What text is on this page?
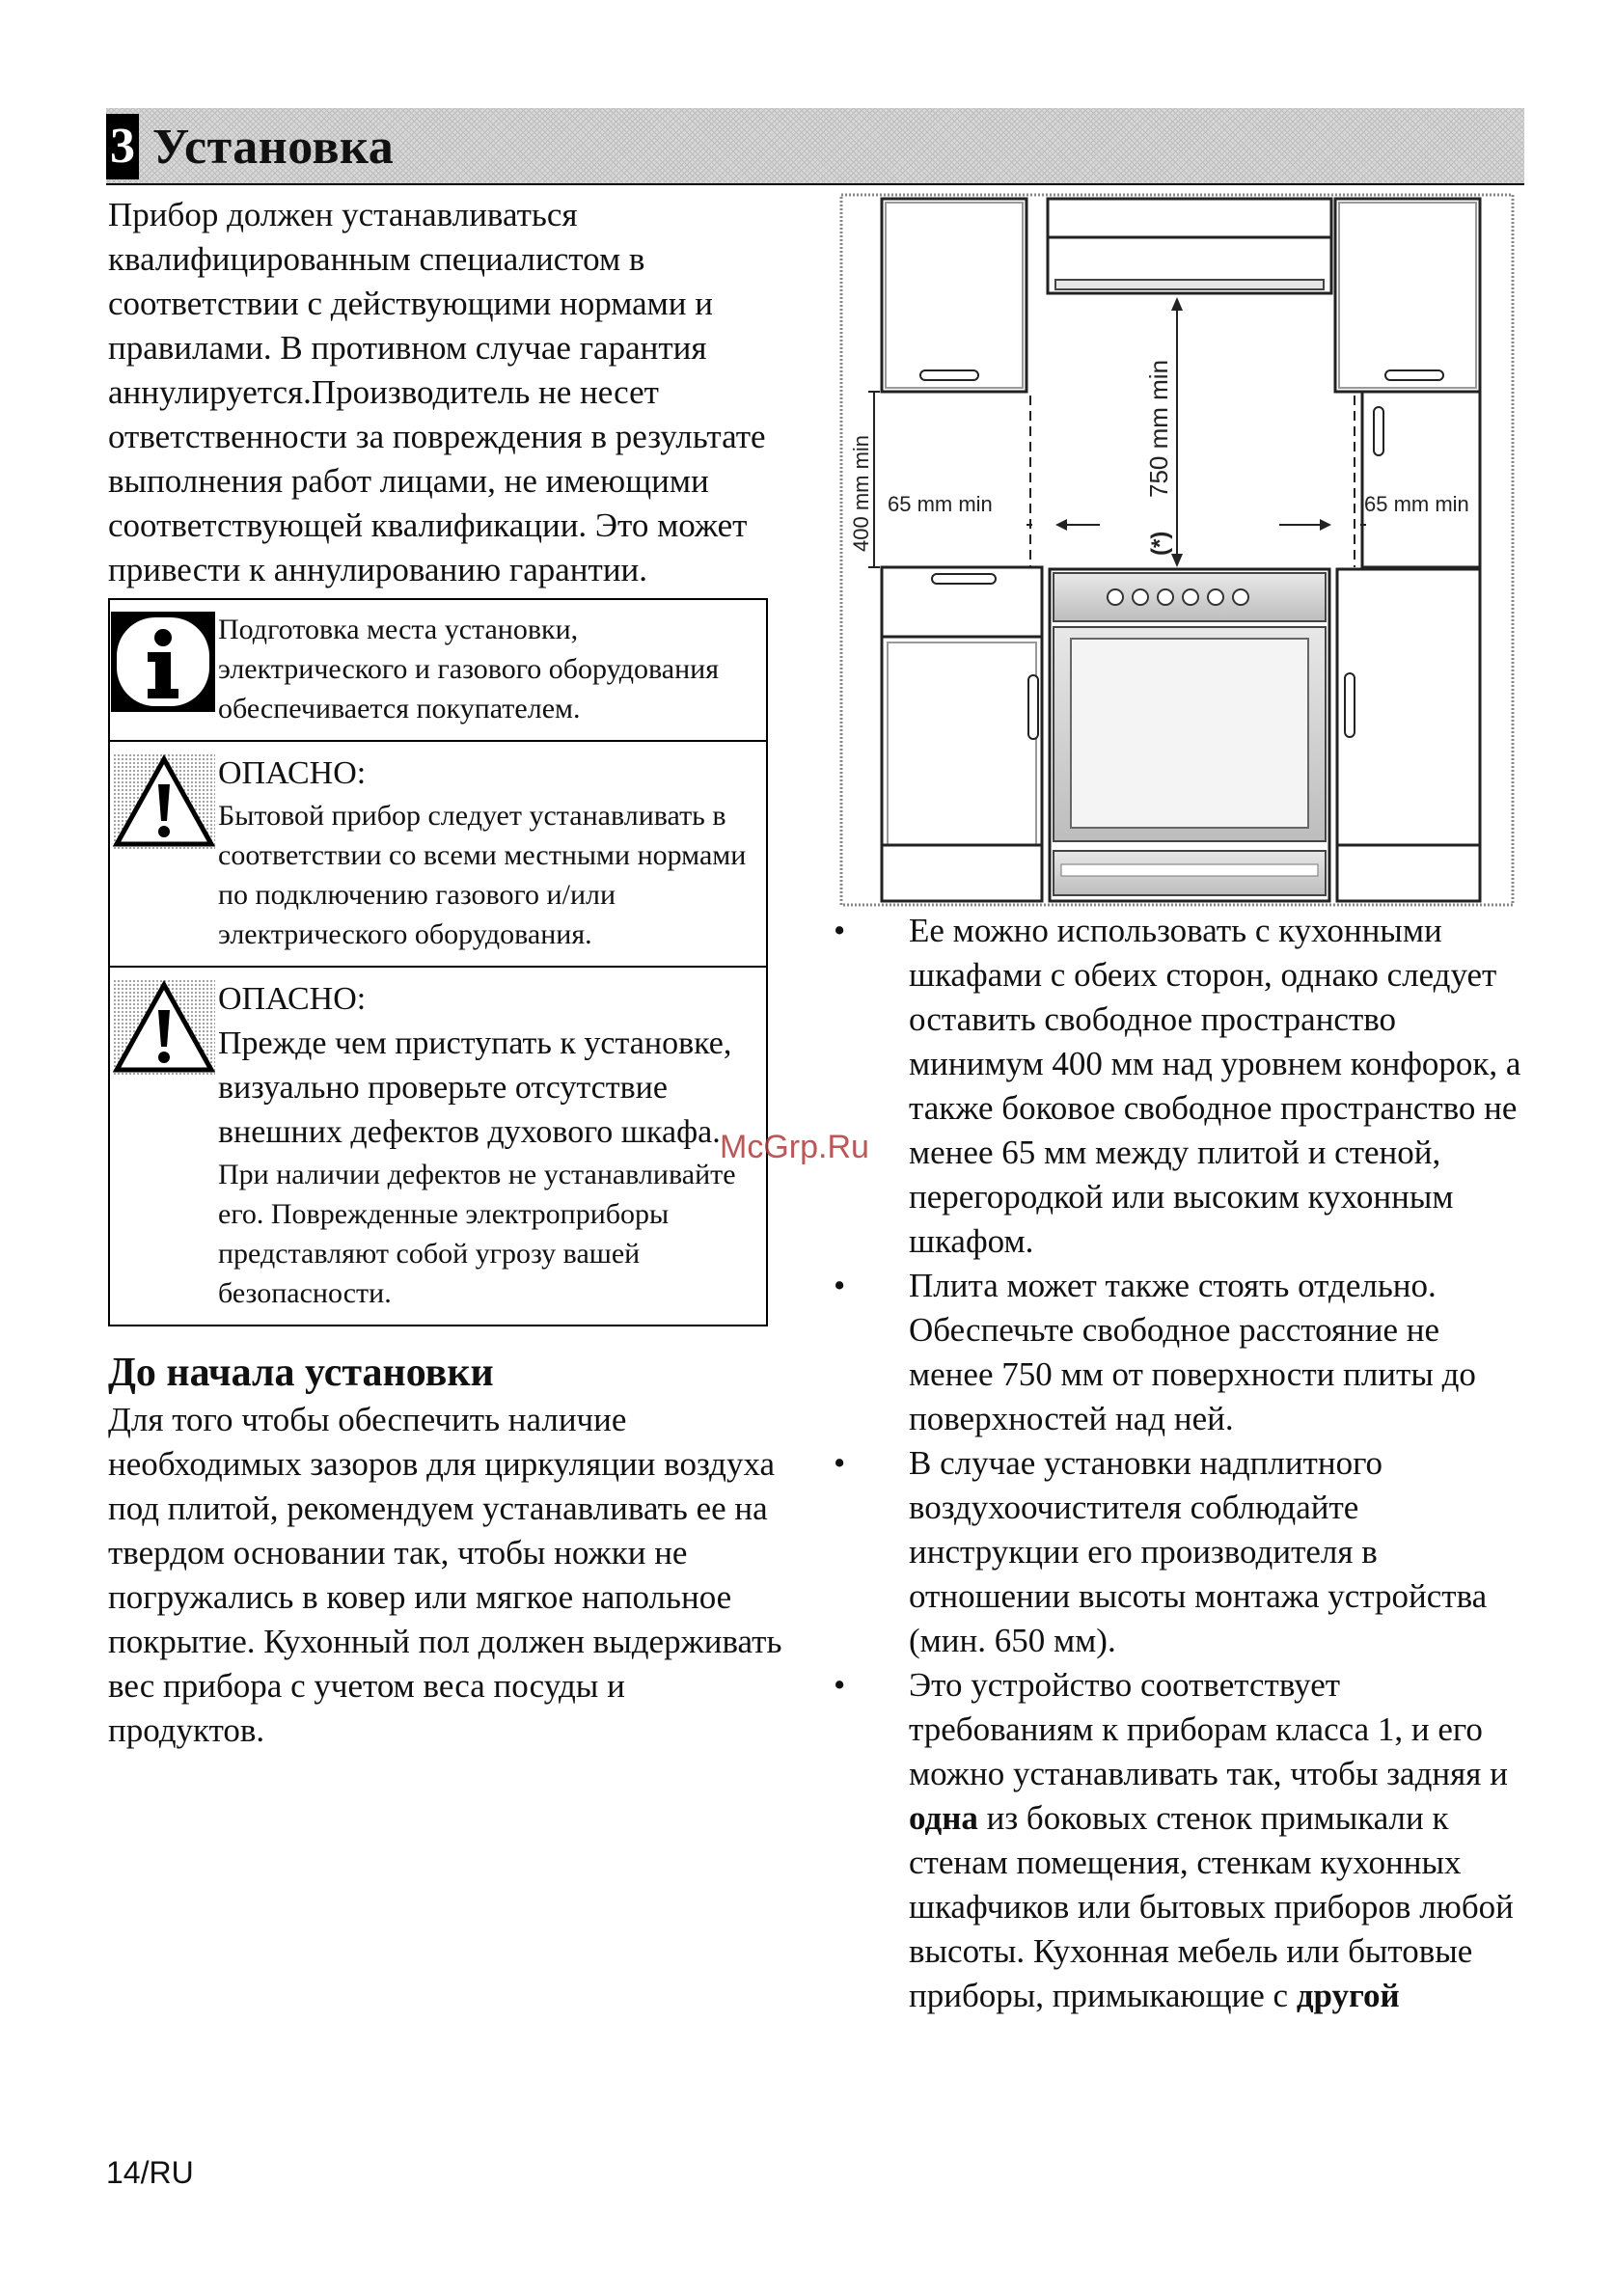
3 Установка

Прибор должен устанавливаться квалифицированным специалистом в соответствии с действующими нормами и правилами. В противном случае гарантия аннулируется.Производитель не несет ответственности за повреждения в результате выполнения работ лицами, не имеющими соответствующей квалификации. Это может привести к аннулированию гарантии.

Подготовка места установки, электрического и газового оборудования обеспечивается покупателем.
ОПАСНО:
Бытовой прибор следует устанавливать в соответствии со всеми местными нормами по подключению газового и/или электрического оборудования.
ОПАСНО:
Прежде чем приступать к установке, визуально проверьте отсутствие внешних дефектов духового шкафа.
При наличии дефектов не устанавливайте его. Поврежденные электроприборы представляют собой угрозу вашей безопасности.
До начала установки

Для того чтобы обеспечить наличие необходимых зазоров для циркуляции воздуха под плитой, рекомендуем устанавливать ее на твердом основании так, чтобы ножки не погружались в ковер или мягкое напольное покрытие. Кухонный пол должен выдерживать вес прибора с учетом веса посуды и продуктов.

400 mm min 65 mm min
750 mm min
(*)
65 mm min
• Ее можно использовать с кухонными шкафами с обеих сторон, однако следует оставить свободное пространство минимум 400 мм над уровнем конфорок, а также боковое свободное пространство не менее 65 мм между плитой и стеной, перегородкой или высоким кухонным шкафом.
• Плита может также стоять отдельно. Обеспечьте свободное расстояние не менее 750 мм от поверхности плиты до поверхностей над ней.
• В случае установки надплитного воздухоочистителя соблюдайте инструкции его производителя в отношении высоты монтажа устройства (мин. 650 мм).
• Это устройство соответствует требованиям к приборам класса 1, и его можно устанавливать так, чтобы задняя и одна из боковых стенок примыкали к стенам помещения, стенкам кухонных шкафчиков или бытовых приборов любой высоты. Кухонная мебель или бытовые приборы, примыкающие с другой
McGrp.Ru
14/RU
